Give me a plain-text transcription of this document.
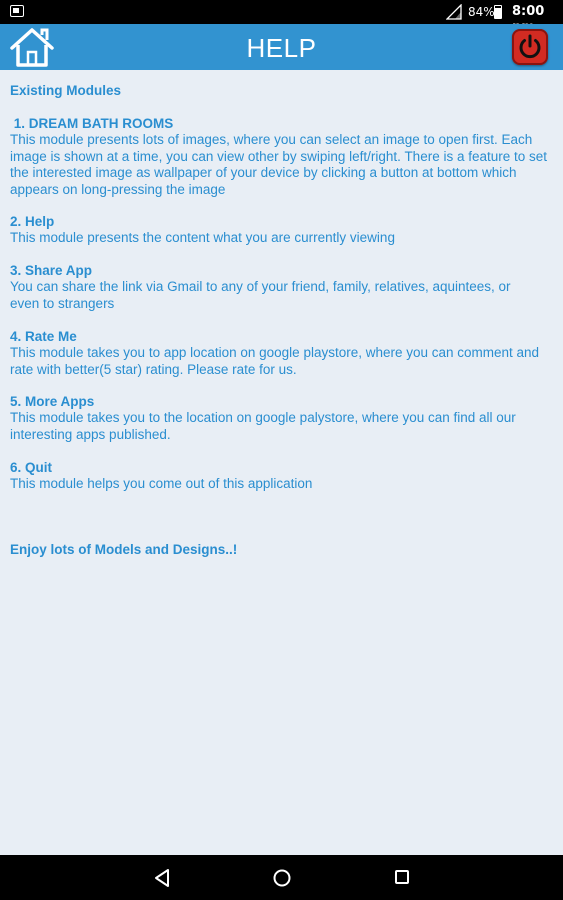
84% 8:00
HELP
Existing Modules
1. DREAM BATH ROOMS
This module presents lots of images, where you can select an image to open first. Each image is shown at a time, you can view other by swiping left/right. There is a feature to set the interested image as wallpaper of your device by clicking a button at bottom which appears on long-pressing the image
2. Help
This module presents the content what you are currently viewing
3. Share App
You can share the link via Gmail to any of your friend, family, relatives, aquintees, or even to strangers
4. Rate Me
This module takes you to app location on google playstore, where you can comment and rate with better(5 star) rating. Please rate for us.
5. More Apps
This module takes you to the location on google palystore, where you can find all our interesting apps published.
6. Quit
This module helps you come out of this application
Enjoy lots of Models and Designs..!
